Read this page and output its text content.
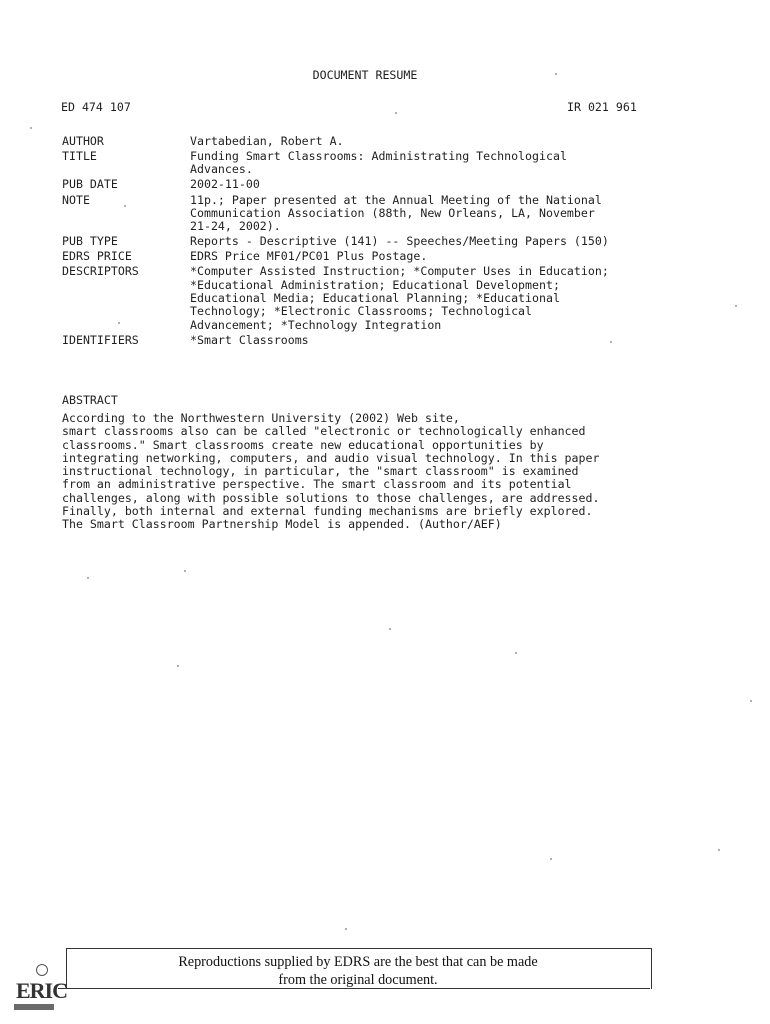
DOCUMENT RESUME
ED 474 107	IR 021 961
AUTHOR	Vartabedian, Robert A.
TITLE	Funding Smart Classrooms: Administrating Technological
Advances.
PUB DATE	2002-11-00
NOTE	11p.; Paper presented at the Annual Meeting of the National
Communication Association (88th, New Orleans, LA, November
21-24, 2002).
PUB TYPE	Reports - Descriptive (141) -- Speeches/Meeting Papers (150)
EDRS PRICE	EDRS Price MF01/PC01 Plus Postage.
DESCRIPTORS	*Computer Assisted Instruction; *Computer Uses in Education;
*Educational Administration; Educational Development;
Educational Media; Educational Planning; *Educational
Technology; *Electronic Classrooms; Technological
Advancement; *Technology Integration
IDENTIFIERS	*Smart Classrooms
ABSTRACT
According to the Northwestern University (2002) Web site,
smart classrooms also can be called "electronic or technologically enhanced
classrooms." Smart classrooms create new educational opportunities by
integrating networking, computers, and audio visual technology. In this paper
instructional technology, in particular, the "smart classroom" is examined
from an administrative perspective. The smart classroom and its potential
challenges, along with possible solutions to those challenges, are addressed.
Finally, both internal and external funding mechanisms are briefly explored.
The Smart Classroom Partnership Model is appended. (Author/AEF)
Reproductions supplied by EDRS are the best that can be made
from the original document.
ERIC
